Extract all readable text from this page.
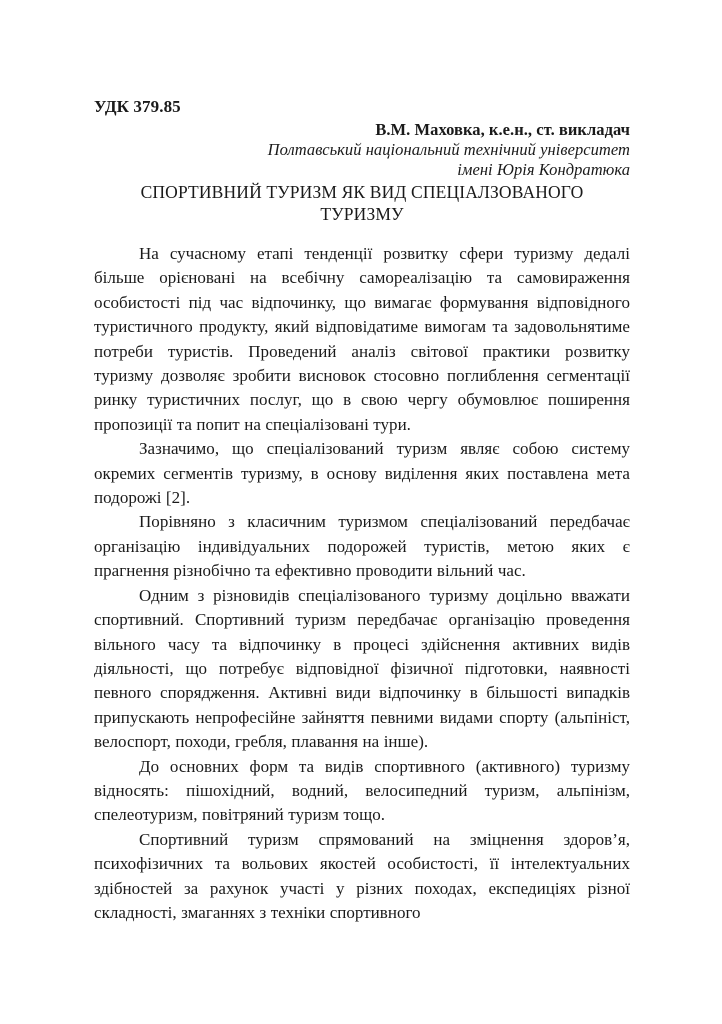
УДК 379.85
В.М. Маховка, к.е.н., ст. викладач
Полтавський національний технічний університет
імені Юрія Кондратюка
СПОРТИВНИЙ ТУРИЗМ ЯК ВИД СПЕЦІАЛЗОВАНОГО
ТУРИЗМУ

На сучасному етапі тенденції розвитку сфери туризму дедалі більше орієновані на всебічну самореалізацію та самовираження особистості під час відпочинку, що вимагає формування відповідного туристичного продукту, який відповідатиме вимогам та задовольнятиме потреби туристів. Проведений аналіз світової практики розвитку туризму дозволяє зробити висновок стосовно поглиблення сегментації ринку туристичних послуг, що в свою чергу обумовлює поширення пропозиції та попит на спеціалізовані тури.

Зазначимо, що спеціалізований туризм являє собою систему окремих сегментів туризму, в основу виділення яких поставлена мета подорожі [2].

Порівняно з класичним туризмом спеціалізований передбачає організацію індивідуальних подорожей туристів, метою яких є прагнення різнобічно та ефективно проводити вільний час.

Одним з різновидів спеціалізованого туризму доцільно вважати спортивний. Спортивний туризм передбачає організацію проведення вільного часу та відпочинку в процесі здійснення активних видів діяльності, що потребує відповідної фізичної підготовки, наявності певного спорядження. Активні види відпочинку в більшості випадків припускають непрофесійне зайняття певними видами спорту (альпініст, велоспорт, походи, гребля, плавання на інше).

До основних форм та видів спортивного (активного) туризму відносять: пішохідний, водний, велосипедний туризм, альпінізм, спелеотуризм, повітряний туризм тощо.

Спортивний туризм спрямований на зміцнення здоров’я, психофізичних та вольових якостей особистості, її інтелектуальних здібностей за рахунок участі у різних походах, експедиціях різної складності, змаганнях з техніки спортивного
